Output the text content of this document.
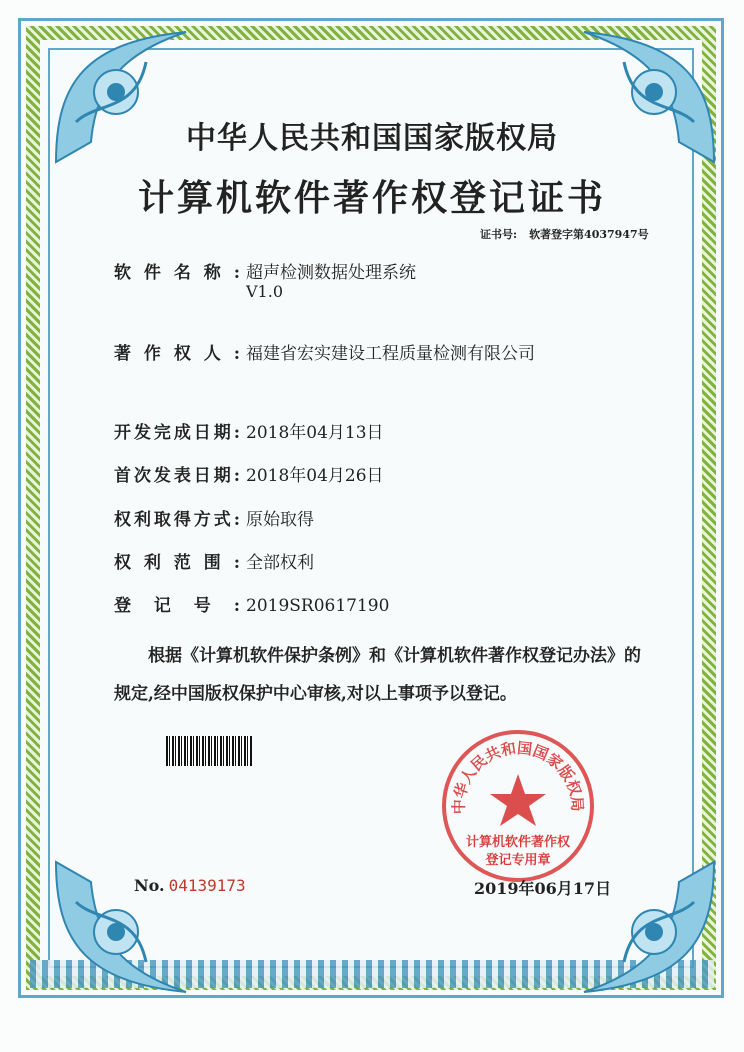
中华人民共和国国家版权局
计算机软件著作权登记证书
证书号: 软著登字第4037947号
软件名称: 超声检测数据处理系统
V1.0
著作权人: 福建省宏实建设工程质量检测有限公司
开发完成日期: 2018年04月13日
首次发表日期: 2018年04月26日
权利取得方式: 原始取得
权利范围: 全部权利
登记号: 2019SR0617190

根据《计算机软件保护条例》和《计算机软件著作权登记办法》的

规定,经中国版权保护中心审核,对以上事项予以登记。

中华人民共和国国家版权局
计算机软件著作权
登记专用章
No. 04139173	2019年06月17日
